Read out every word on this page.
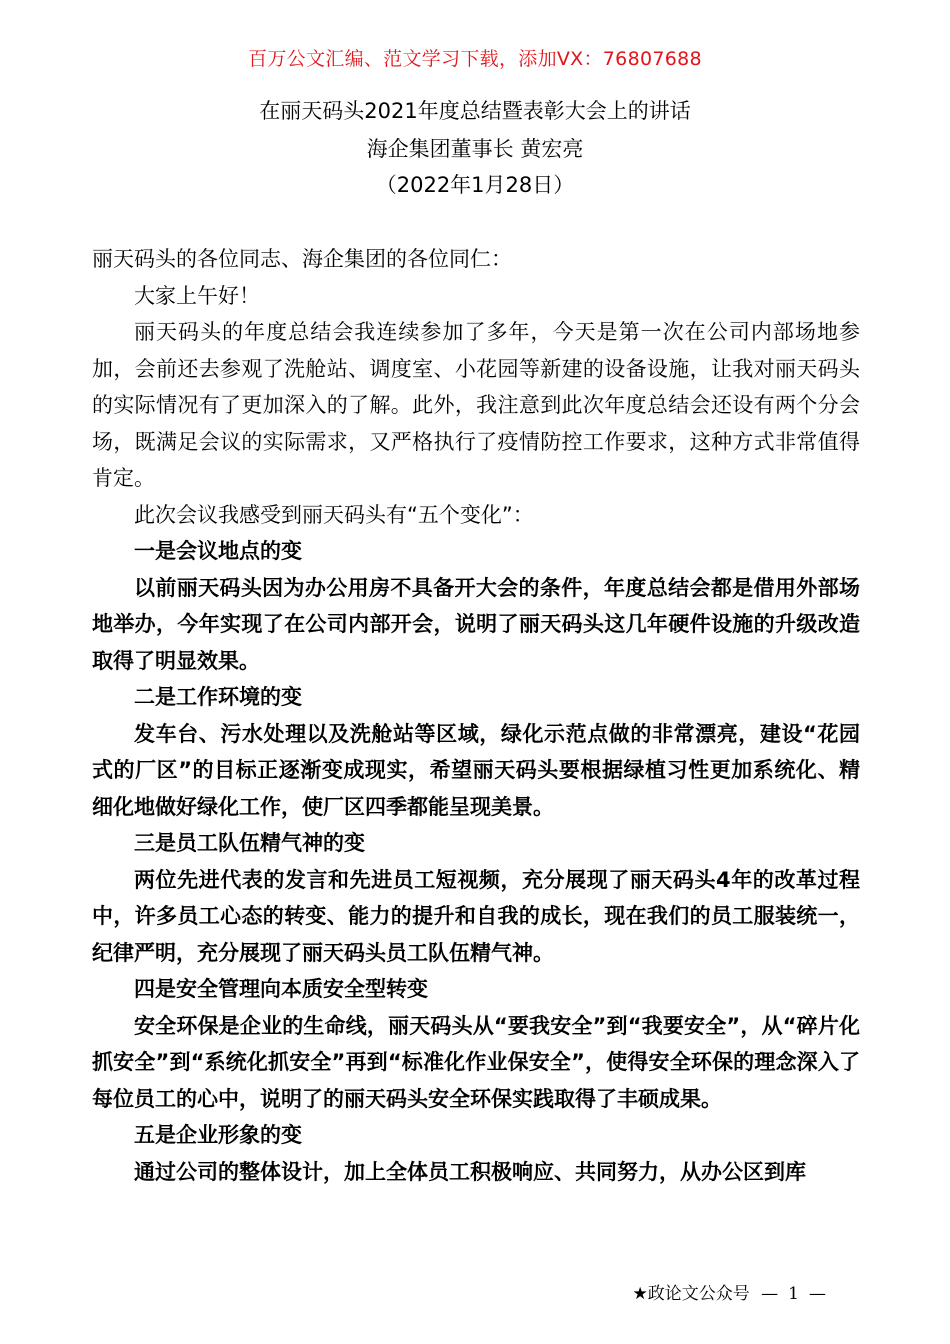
百万公文汇编、范文学习下载，添加VX：76807688
在丽天码头2021年度总结暨表彰大会上的讲话
海企集团董事长 黄宏亮
（2022年1月28日）

丽天码头的各位同志、海企集团的各位同仁：

大家上午好！

丽天码头的年度总结会我连续参加了多年，今天是第一次在公司内部场地参加，会前还去参观了洗舱站、调度室、小花园等新建的设备设施，让我对丽天码头的实际情况有了更加深入的了解。此外，我注意到此次年度总结会还设有两个分会场，既满足会议的实际需求，又严格执行了疫情防控工作要求，这种方式非常值得肯定。

此次会议我感受到丽天码头有“五个变化”：

一是会议地点的变

以前丽天码头因为办公用房不具备开大会的条件，年度总结会都是借用外部场地举办，今年实现了在公司内部开会，说明了丽天码头这几年硬件设施的升级改造取得了明显效果。

二是工作环境的变

发车台、污水处理以及洗舱站等区域，绿化示范点做的非常漂亮，建设“花园式的厂区”的目标正逐渐变成现实，希望丽天码头要根据绿植习性更加系统化、精细化地做好绿化工作，使厂区四季都能呈现美景。

三是员工队伍精气神的变

两位先进代表的发言和先进员工短视频，充分展现了丽天码头4年的改革过程中，许多员工心态的转变、能力的提升和自我的成长，现在我们的员工服装统一，纪律严明，充分展现了丽天码头员工队伍精气神。

四是安全管理向本质安全型转变

安全环保是企业的生命线，丽天码头从“要我安全”到“我要安全”，从“碎片化抓安全”到“系统化抓安全”再到“标准化作业保安全”，使得安全环保的理念深入了每位员工的心中，说明了的丽天码头安全环保实践取得了丰硕成果。

五是企业形象的变

通过公司的整体设计，加上全体员工积极响应、共同努力，从办公区到库

★政论文公众号 — 1 —
